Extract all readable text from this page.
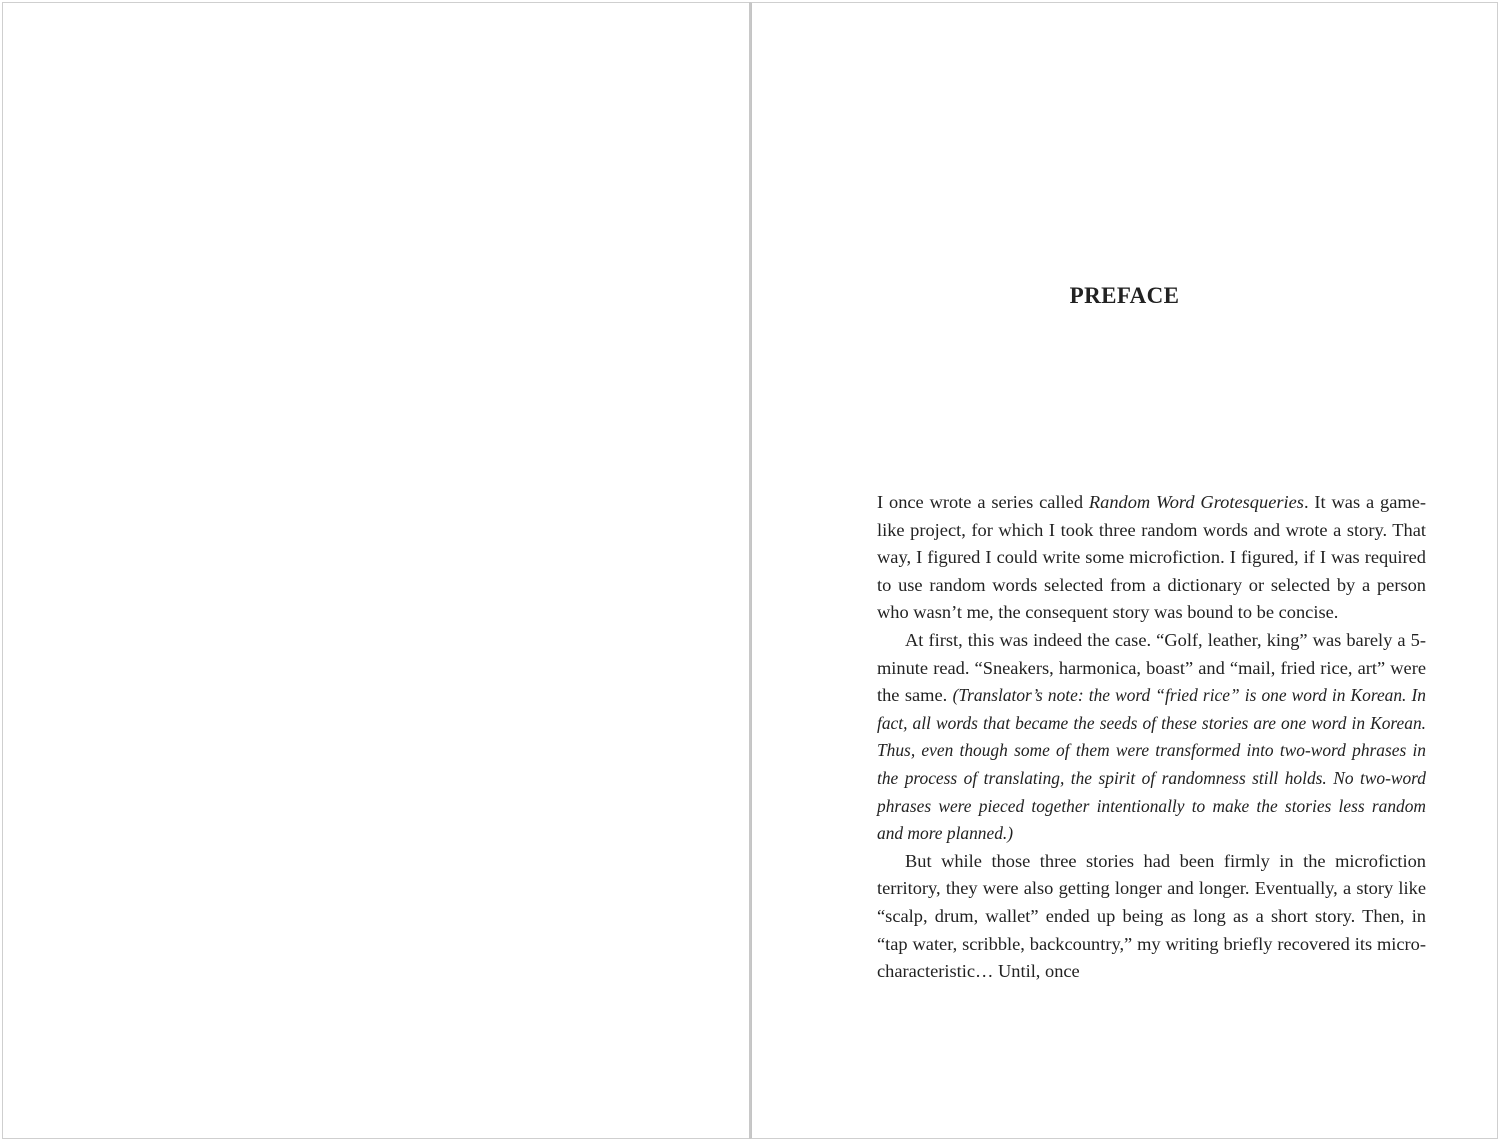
PREFACE

I once wrote a series called Random Word Grotesqueries. It was a game-like project, for which I took three random words and wrote a story. That way, I figured I could write some microfiction. I figured, if I was required to use random words selected from a dictionary or selected by a person who wasn’t me, the consequent story was bound to be concise.

At first, this was indeed the case. “Golf, leather, king” was barely a 5-minute read. “Sneakers, harmonica, boast” and “mail, fried rice, art” were the same. (Translator’s note: the word “fried rice” is one word in Korean. In fact, all words that became the seeds of these stories are one word in Korean. Thus, even though some of them were transformed into two-word phrases in the process of translating, the spirit of randomness still holds. No two-word phrases were pieced together intentionally to make the stories less random and more planned.)

But while those three stories had been firmly in the microfiction territory, they were also getting longer and longer. Eventually, a story like “scalp, drum, wallet” ended up being as long as a short story. Then, in “tap water, scribble, backcountry,” my writing briefly recovered its micro-characteristic… Until, once
